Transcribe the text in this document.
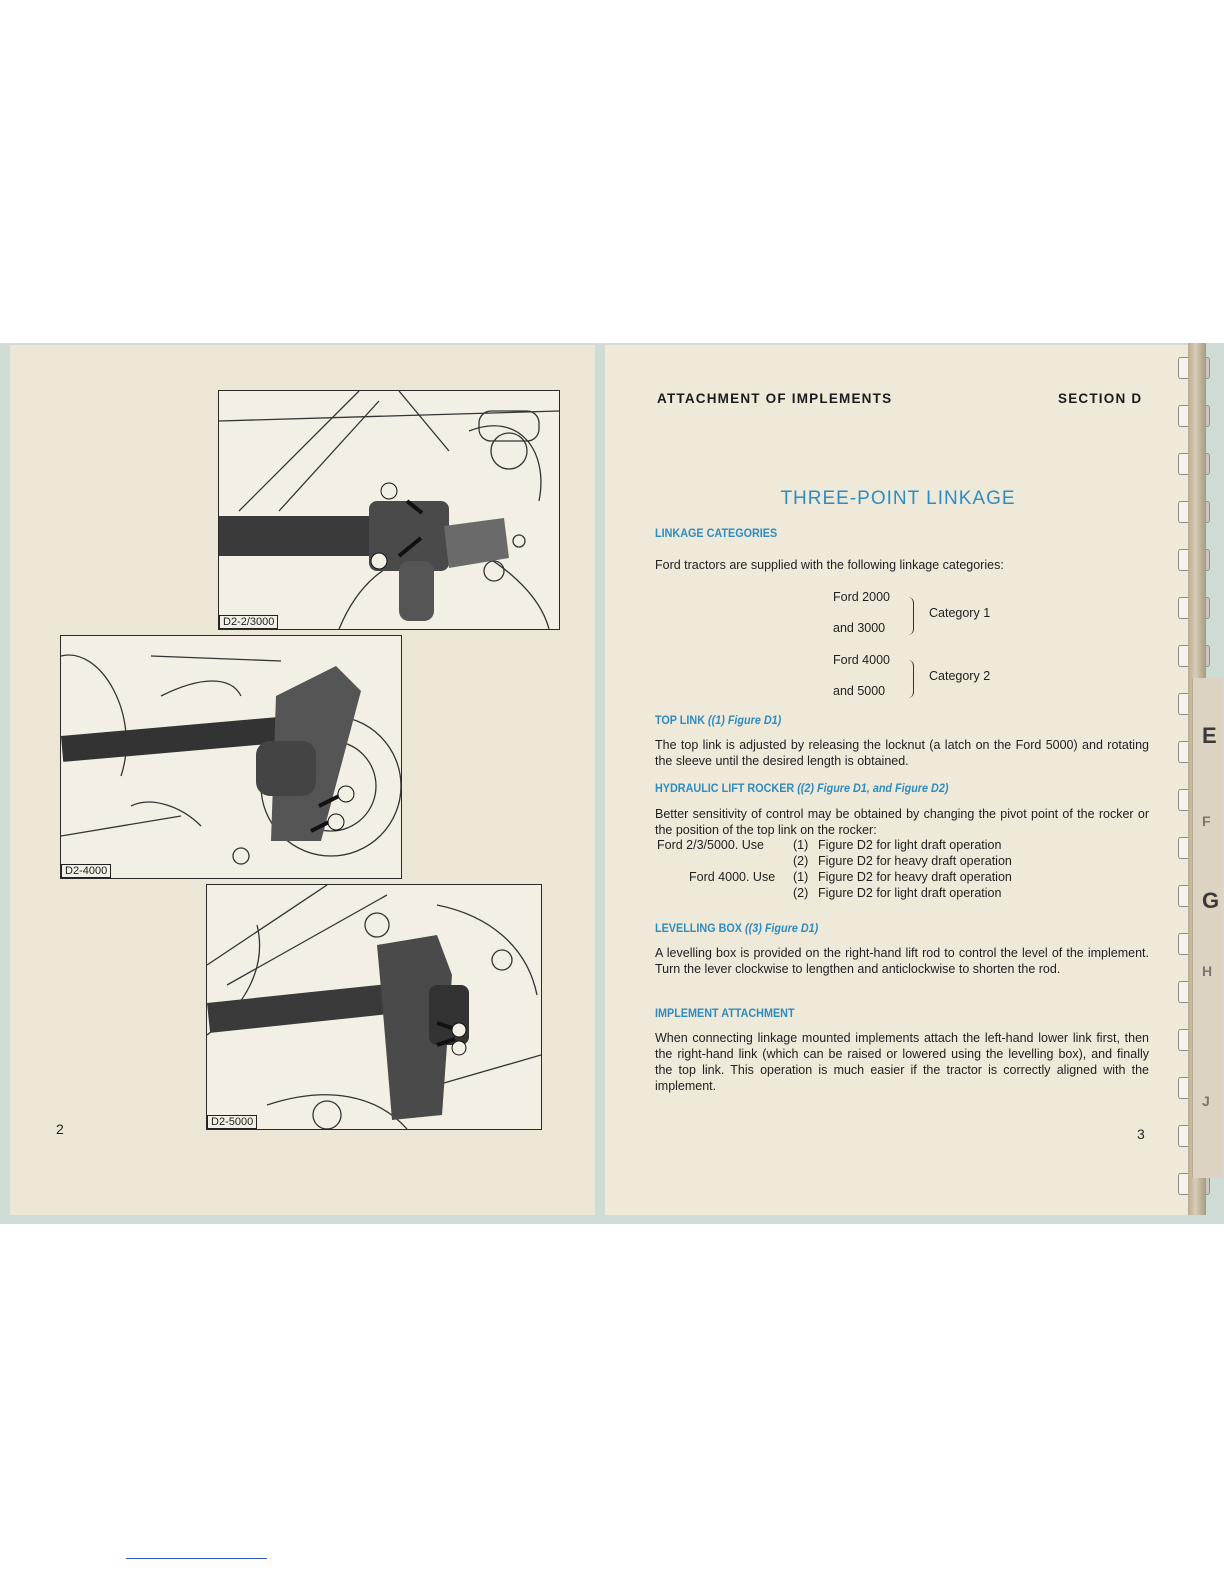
D2-2/3000
D2-4000
D2-5000
2
ATTACHMENT OF IMPLEMENTS	SECTION D
THREE-POINT LINKAGE
LINKAGE CATEGORIES
Ford tractors are supplied with the following linkage categories:
Ford 2000
and 3000
Category 1
Ford 4000
and 5000
Category 2
TOP LINK ((1) Figure D1)
The top link is adjusted by releasing the locknut (a latch on the Ford 5000) and rotating the sleeve until the desired length is obtained.
HYDRAULIC LIFT ROCKER ((2) Figure D1, and Figure D2)
Better sensitivity of control may be obtained by changing the pivot point of the rocker or the position of the top link on the rocker:
Ford 2/3/5000. Use (1) Figure D2 for light draft operation
(2) Figure D2 for heavy draft operation
Ford 4000. Use (1) Figure D2 for heavy draft operation
(2) Figure D2 for light draft operation
LEVELLING BOX ((3) Figure D1)
A levelling box is provided on the right-hand lift rod to control the level of the implement. Turn the lever clockwise to lengthen and anticlockwise to shorten the rod.
IMPLEMENT ATTACHMENT
When connecting linkage mounted implements attach the left-hand lower link first, then the right-hand link (which can be raised or lowered using the levelling box), and finally the top link. This operation is much easier if the tractor is correctly aligned with the implement.
3
E
F
G
H
J
